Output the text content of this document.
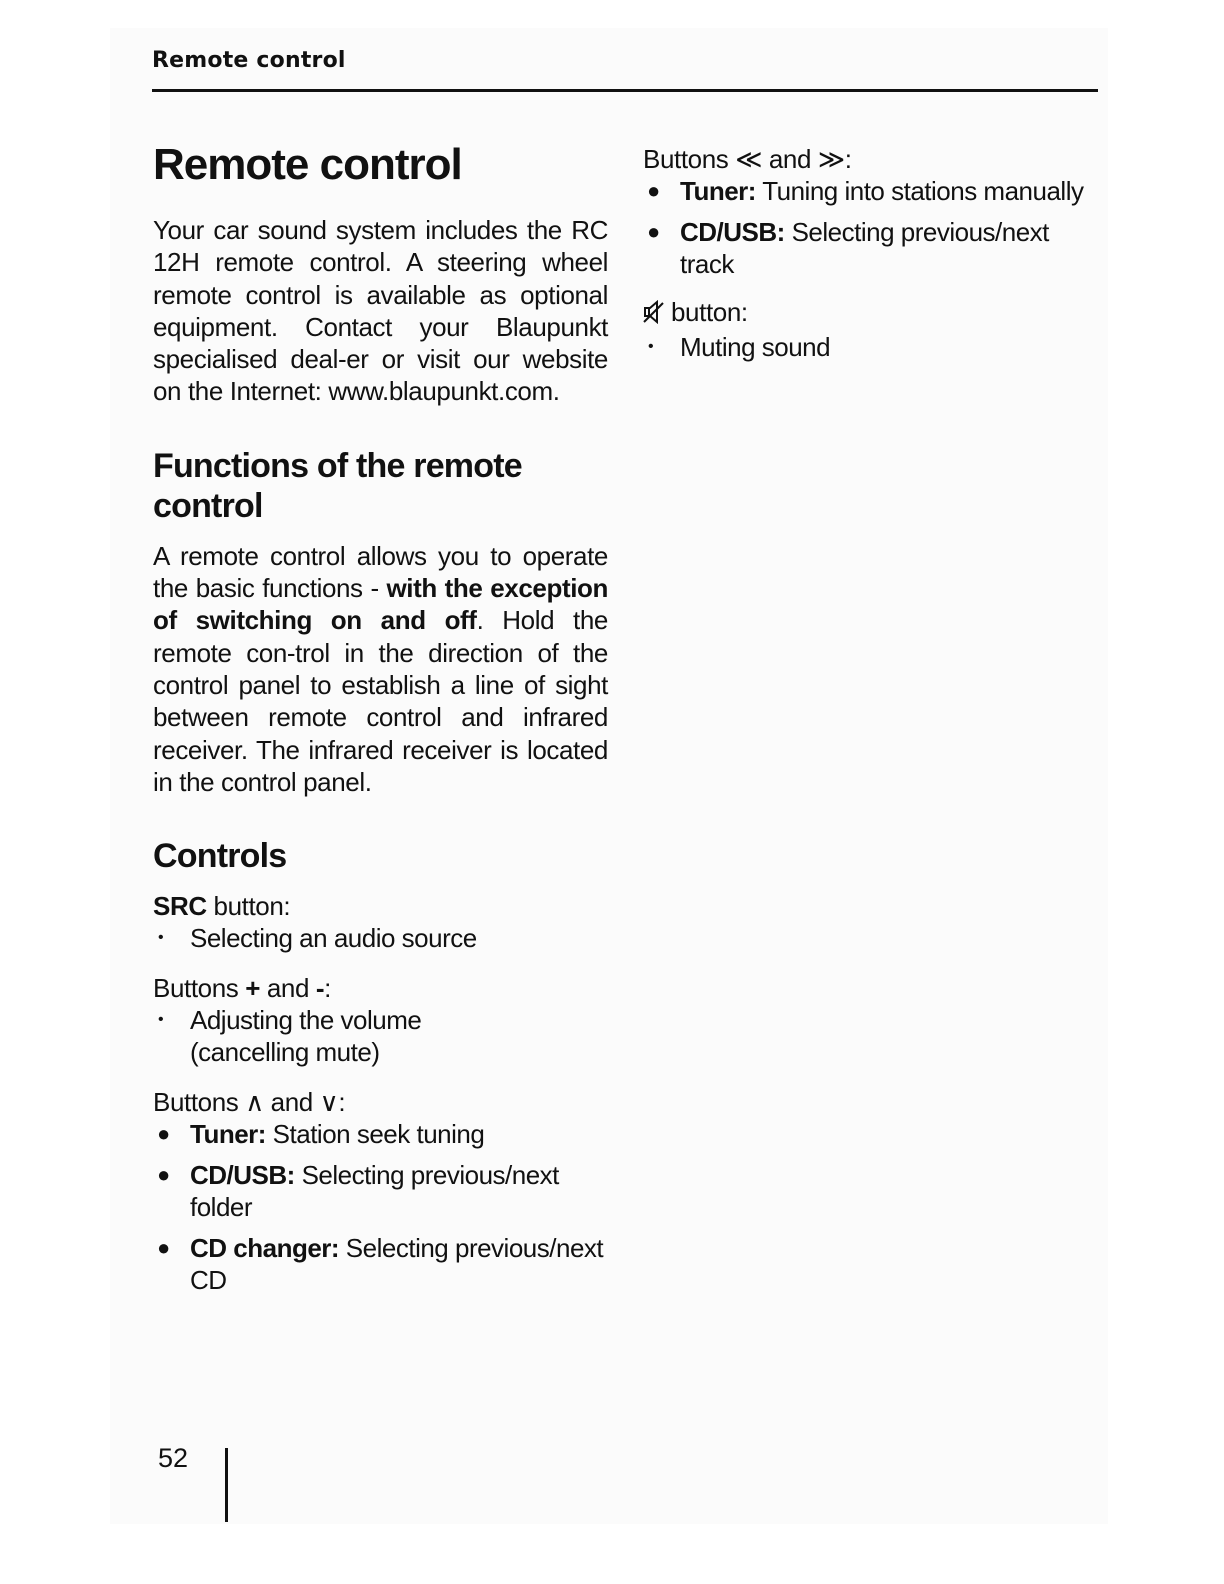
Remote control
Remote control

Your car sound system includes the RC 12H remote control. A steering wheel remote control is available as optional equipment. Contact your Blaupunkt specialised deal-er or visit our website on the Internet: www.blaupunkt.com.

Functions of the remote control

A remote control allows you to operate the basic functions - with the exception of switching on and off. Hold the remote con-trol in the direction of the control panel to establish a line of sight between remote control and infrared receiver. The infrared receiver is located in the control panel.

Controls
SRC button:
• Selecting an audio source
Buttons + and -:
• Adjusting the volume
(cancelling mute)
Buttons ∧ and ∨:
● Tuner: Station seek tuning
● CD/USB: Selecting previous/next folder
● CD changer: Selecting previous/next CD
Buttons ≪ and ≫:
● Tuner: Tuning into stations manually
● CD/USB: Selecting previous/next track
button:
• Muting sound
52
